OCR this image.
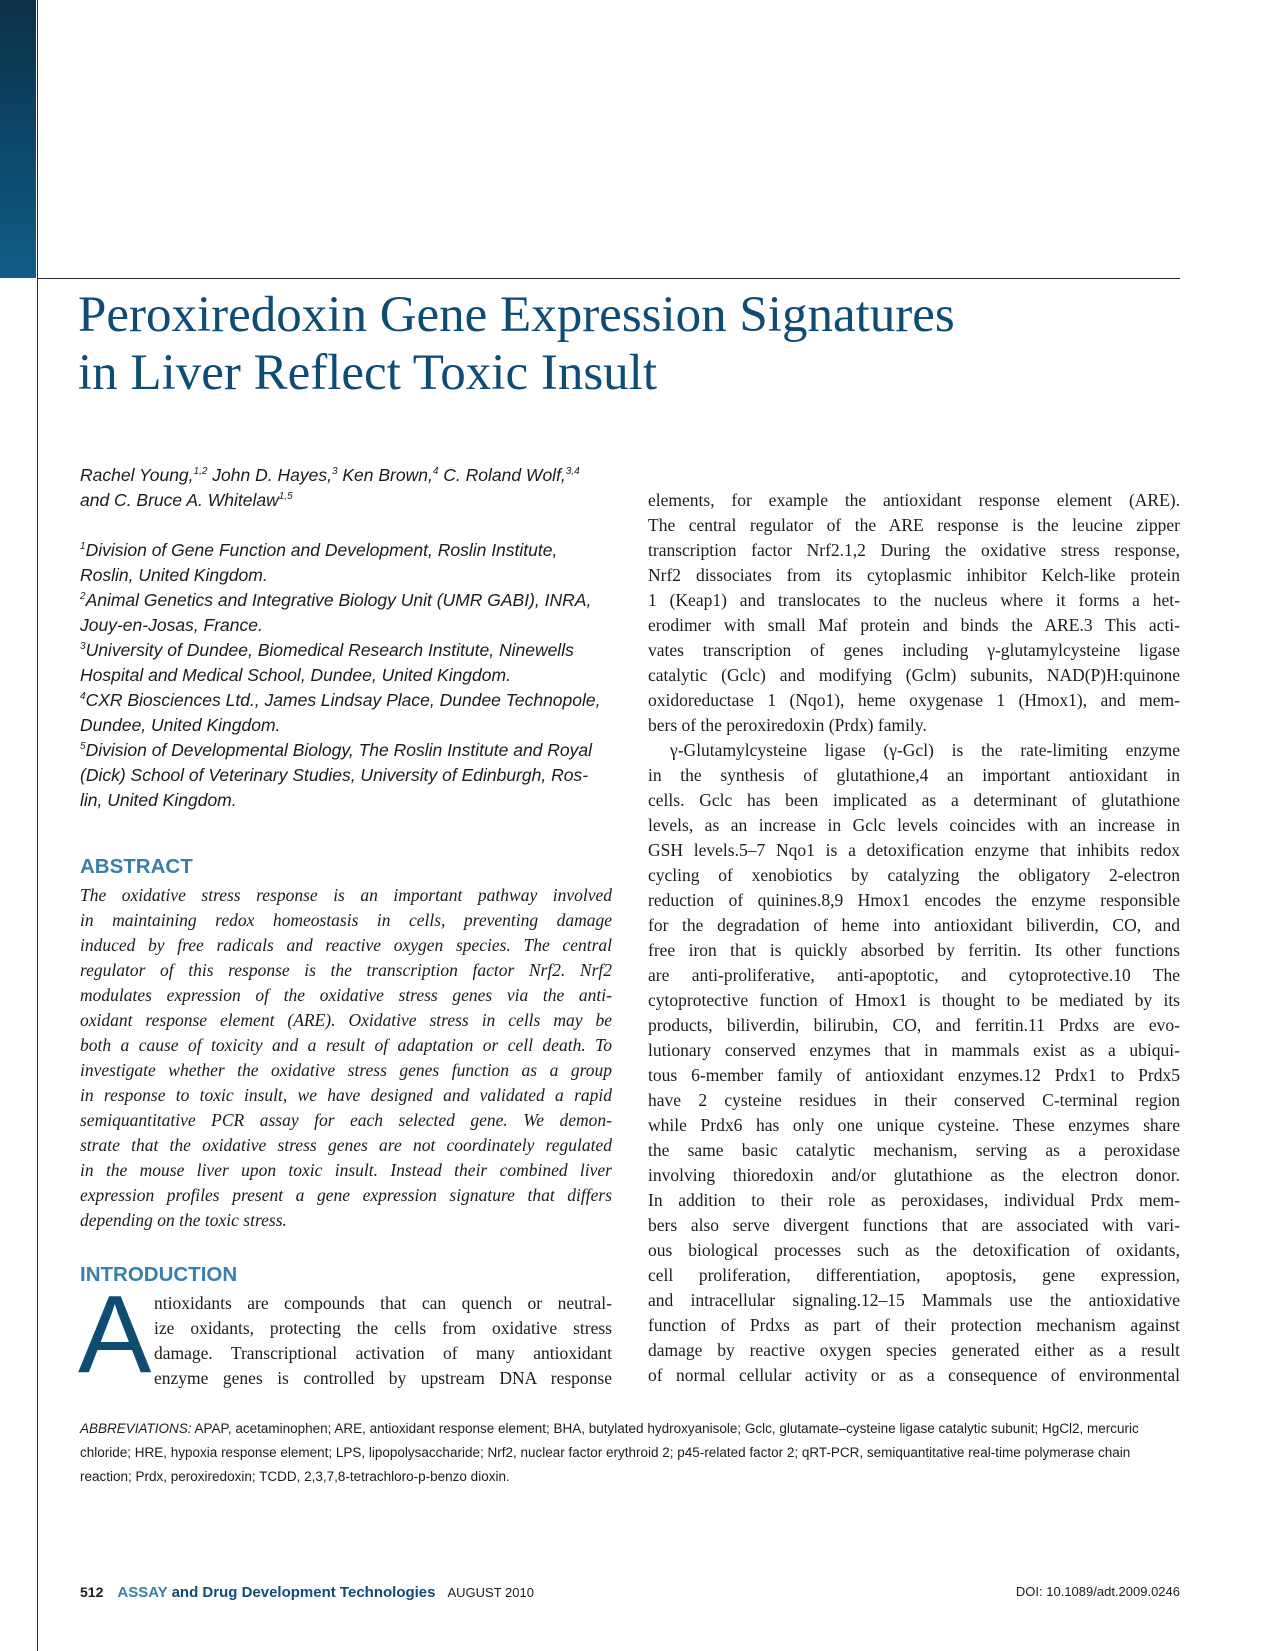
Peroxiredoxin Gene Expression Signatures
in Liver Reflect Toxic Insult
Rachel Young,$^{1,2}$ John D. Hayes,$^3$ Ken Brown,$^4$ C. Roland Wolf,$^{3,4}$
and C. Bruce A. Whitelaw$^{1,5}$
$^1$Division of Gene Function and Development, Roslin Institute,
Roslin, United Kingdom.
$^2$Animal Genetics and Integrative Biology Unit (UMR GABI), INRA,
Jouy-en-Josas, France.
$^3$University of Dundee, Biomedical Research Institute, Ninewells
Hospital and Medical School, Dundee, United Kingdom.
$^4$CXR Biosciences Ltd., James Lindsay Place, Dundee Technopole,
Dundee, United Kingdom.
$^5$Division of Developmental Biology, The Roslin Institute and Royal
(Dick) School of Veterinary Studies, University of Edinburgh, Ros-
lin, United Kingdom.
ABSTRACT
The oxidative stress response is an important pathway involved
in maintaining redox homeostasis in cells, preventing damage
induced by free radicals and reactive oxygen species. The central
regulator of this response is the transcription factor Nrf2. Nrf2
modulates expression of the oxidative stress genes via the anti-
oxidant response element (ARE). Oxidative stress in cells may be
both a cause of toxicity and a result of adaptation or cell death. To
investigate whether the oxidative stress genes function as a group
in response to toxic insult, we have designed and validated a rapid
semiquantitative PCR assay for each selected gene. We demon-
strate that the oxidative stress genes are not coordinately regulated
in the mouse liver upon toxic insult. Instead their combined liver
expression profiles present a gene expression signature that differs
depending on the toxic stress.
INTRODUCTION
A ntioxidants are compounds that can quench or neutral-
ize oxidants, protecting the cells from oxidative stress
damage. Transcriptional activation of many antioxidant
enzyme genes is controlled by upstream DNA response
elements, for example the antioxidant response element (ARE).
The central regulator of the ARE response is the leucine zipper
transcription factor Nrf2.1,2 During the oxidative stress response,
Nrf2 dissociates from its cytoplasmic inhibitor Kelch-like protein
1 (Keap1) and translocates to the nucleus where it forms a het-
erodimer with small Maf protein and binds the ARE.3 This acti-
vates transcription of genes including γ-glutamylcysteine ligase
catalytic (Gclc) and modifying (Gclm) subunits, NAD(P)H:quinone
oxidoreductase 1 (Nqo1), heme oxygenase 1 (Hmox1), and mem-
bers of the peroxiredoxin (Prdx) family.
γ-Glutamylcysteine ligase (γ-Gcl) is the rate-limiting enzyme
in the synthesis of glutathione,4 an important antioxidant in
cells. Gclc has been implicated as a determinant of glutathione
levels, as an increase in Gclc levels coincides with an increase in
GSH levels.5–7 Nqo1 is a detoxification enzyme that inhibits redox
cycling of xenobiotics by catalyzing the obligatory 2-electron
reduction of quinines.8,9 Hmox1 encodes the enzyme responsible
for the degradation of heme into antioxidant biliverdin, CO, and
free iron that is quickly absorbed by ferritin. Its other functions
are anti-proliferative, anti-apoptotic, and cytoprotective.10 The
cytoprotective function of Hmox1 is thought to be mediated by its
products, biliverdin, bilirubin, CO, and ferritin.11 Prdxs are evo-
lutionary conserved enzymes that in mammals exist as a ubiqui-
tous 6-member family of antioxidant enzymes.12 Prdx1 to Prdx5
have 2 cysteine residues in their conserved C-terminal region
while Prdx6 has only one unique cysteine. These enzymes share
the same basic catalytic mechanism, serving as a peroxidase
involving thioredoxin and/or glutathione as the electron donor.
In addition to their role as peroxidases, individual Prdx mem-
bers also serve divergent functions that are associated with vari-
ous biological processes such as the detoxification of oxidants,
cell proliferation, differentiation, apoptosis, gene expression,
and intracellular signaling.12–15 Mammals use the antioxidative
function of Prdxs as part of their protection mechanism against
damage by reactive oxygen species generated either as a result
of normal cellular activity or as a consequence of environmental
ABBREVIATIONS: APAP, acetaminophen; ARE, antioxidant response element; BHA, butylated hydroxyanisole; Gclc, glutamate–cysteine ligase catalytic subunit; HgCl2, mercuric chloride; HRE, hypoxia response element; LPS, lipopolysaccharide; Nrf2, nuclear factor erythroid 2; p45-related factor 2; qRT-PCR, semiquantitative real-time polymerase chain reaction; Prdx, peroxiredoxin; TCDD, 2,3,7,8-tetrachloro-p-benzo dioxin.
512 ASSAY and Drug Development Technologies AUGUST 2010	DOI: 10.1089/adt.2009.0246
